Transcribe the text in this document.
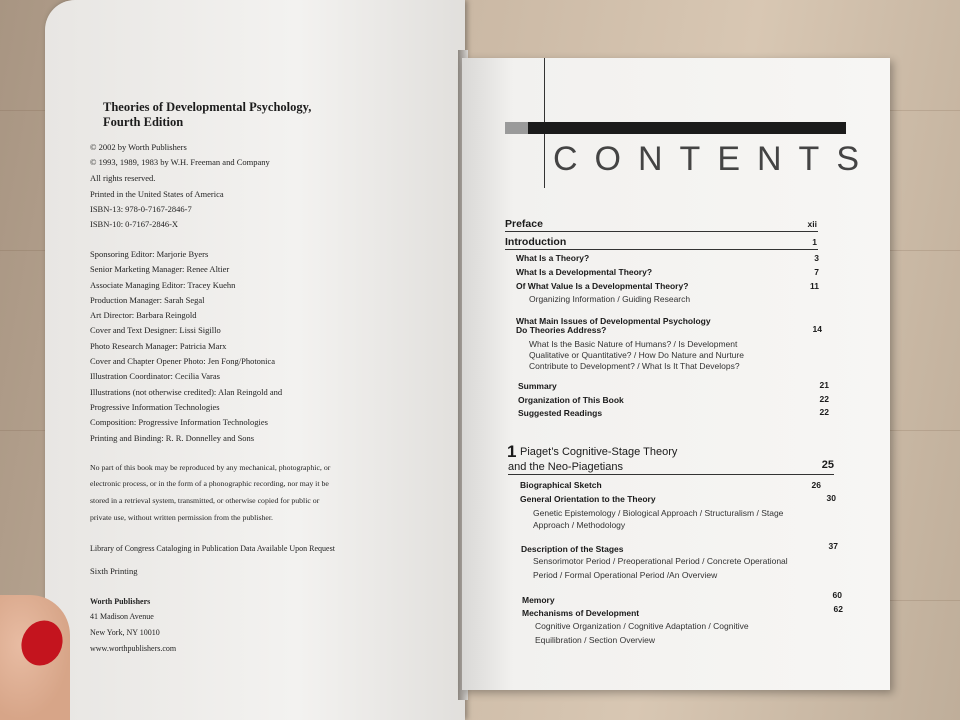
Theories of Developmental Psychology,
Fourth Edition
© 2002 by Worth Publishers
© 1993, 1989, 1983 by W.H. Freeman and Company
All rights reserved.
Printed in the United States of America
ISBN-13: 978-0-7167-2846-7
ISBN-10: 0-7167-2846-X
Sponsoring Editor: Marjorie Byers
Senior Marketing Manager: Renee Altier
Associate Managing Editor: Tracey Kuehn
Production Manager: Sarah Segal
Art Director: Barbara Reingold
Cover and Text Designer: Lissi Sigillo
Photo Research Manager: Patricia Marx
Cover and Chapter Opener Photo: Jen Fong/Photonica
Illustration Coordinator: Cecilia Varas
Illustrations (not otherwise credited): Alan Reingold and
Progressive Information Technologies
Composition: Progressive Information Technologies
Printing and Binding: R. R. Donnelley and Sons
No part of this book may be reproduced by any mechanical, photographic, or
electronic process, or in the form of a phonographic recording, nor may it be
stored in a retrieval system, transmitted, or otherwise copied for public or
private use, without written permission from the publisher.
Library of Congress Cataloging in Publication Data Available Upon Request
Sixth Printing
Worth Publishers
41 Madison Avenue
New York, NY 10010
www.worthpublishers.com
CONTENTS
Preface	xii
Introduction	1
What Is a Theory?	3
What Is a Developmental Theory?	7
Of What Value Is a Developmental Theory?	11
Organizing Information / Guiding Research
What Main Issues of Developmental Psychology
Do Theories Address?	14
What Is the Basic Nature of Humans? / Is Development
Qualitative or Quantitative? / How Do Nature and Nurture
Contribute to Development? / What Is It That Develops?
Summary	21
Organization of This Book	22
Suggested Readings	22
1 Piaget’s Cognitive-Stage Theory
and the Neo-Piagetians	25
Biographical Sketch	26
General Orientation to the Theory	30
Genetic Epistemology / Biological Approach / Structuralism / Stage
Approach / Methodology
Description of the Stages	37
Sensorimotor Period / Preoperational Period / Concrete Operational
Period / Formal Operational Period /An Overview
Memory	60
Mechanisms of Development	62
Cognitive Organization / Cognitive Adaptation / Cognitive
Equilibration / Section Overview
